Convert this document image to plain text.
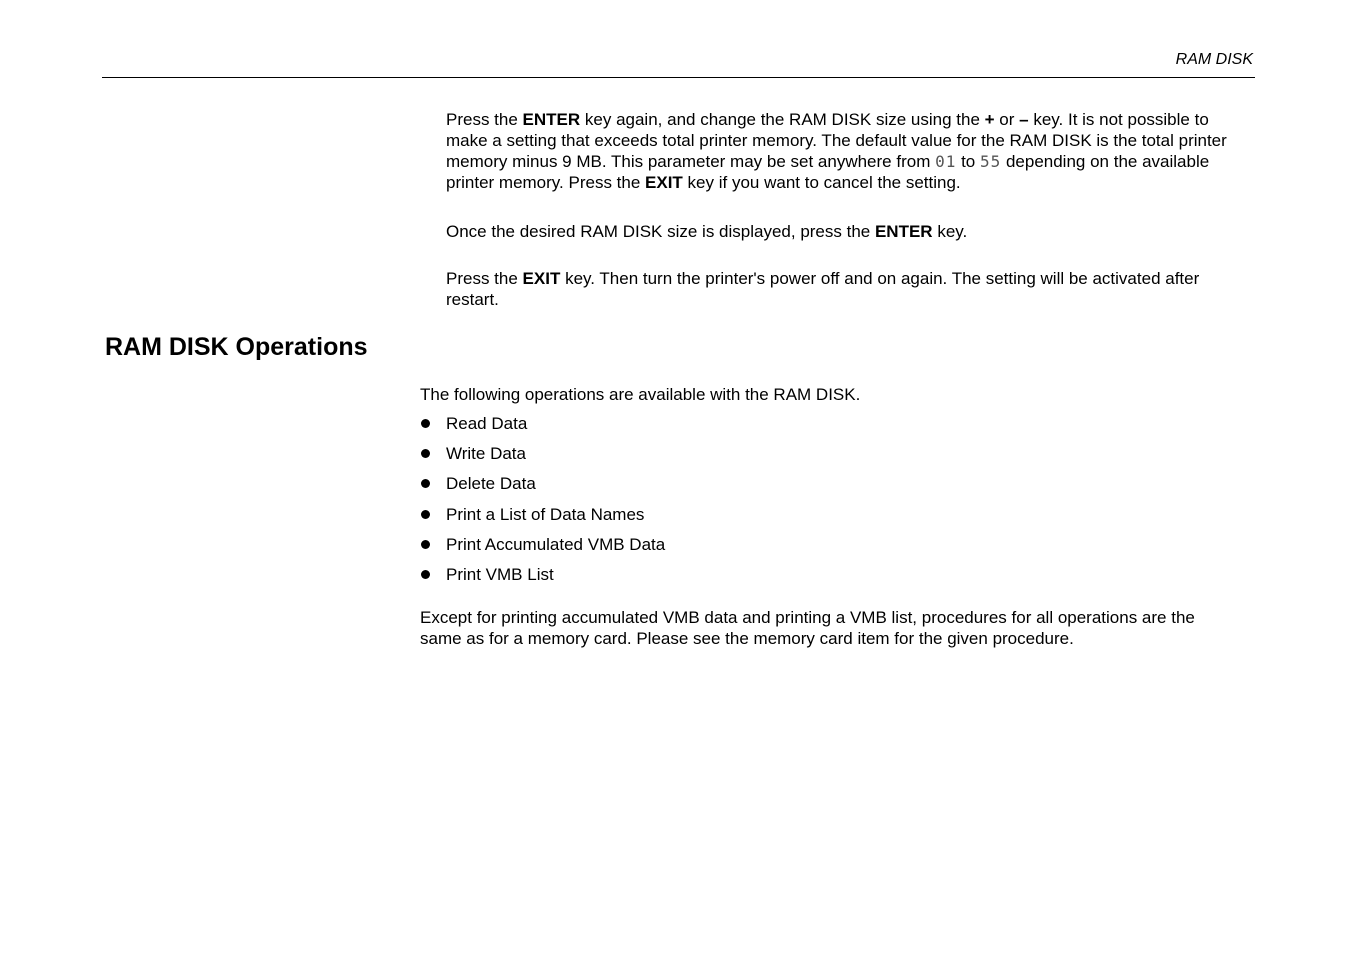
RAM DISK

Press the ENTER key again, and change the RAM DISK size using the + or – key. It is not possible to make a setting that exceeds total printer memory. The default value for the RAM DISK is the total printer memory minus 9 MB. This parameter may be set anywhere from 01 to 55 depending on the available printer memory. Press the EXIT key if you want to cancel the setting.

Once the desired RAM DISK size is displayed, press the ENTER key.

Press the EXIT key. Then turn the printer's power off and on again. The setting will be activated after restart.

RAM DISK Operations

The following operations are available with the RAM DISK.

Read Data
Write Data
Delete Data
Print a List of Data Names
Print Accumulated VMB Data
Print VMB List

Except for printing accumulated VMB data and printing a VMB list, procedures for all operations are the same as for a memory card. Please see the memory card item for the given procedure.
